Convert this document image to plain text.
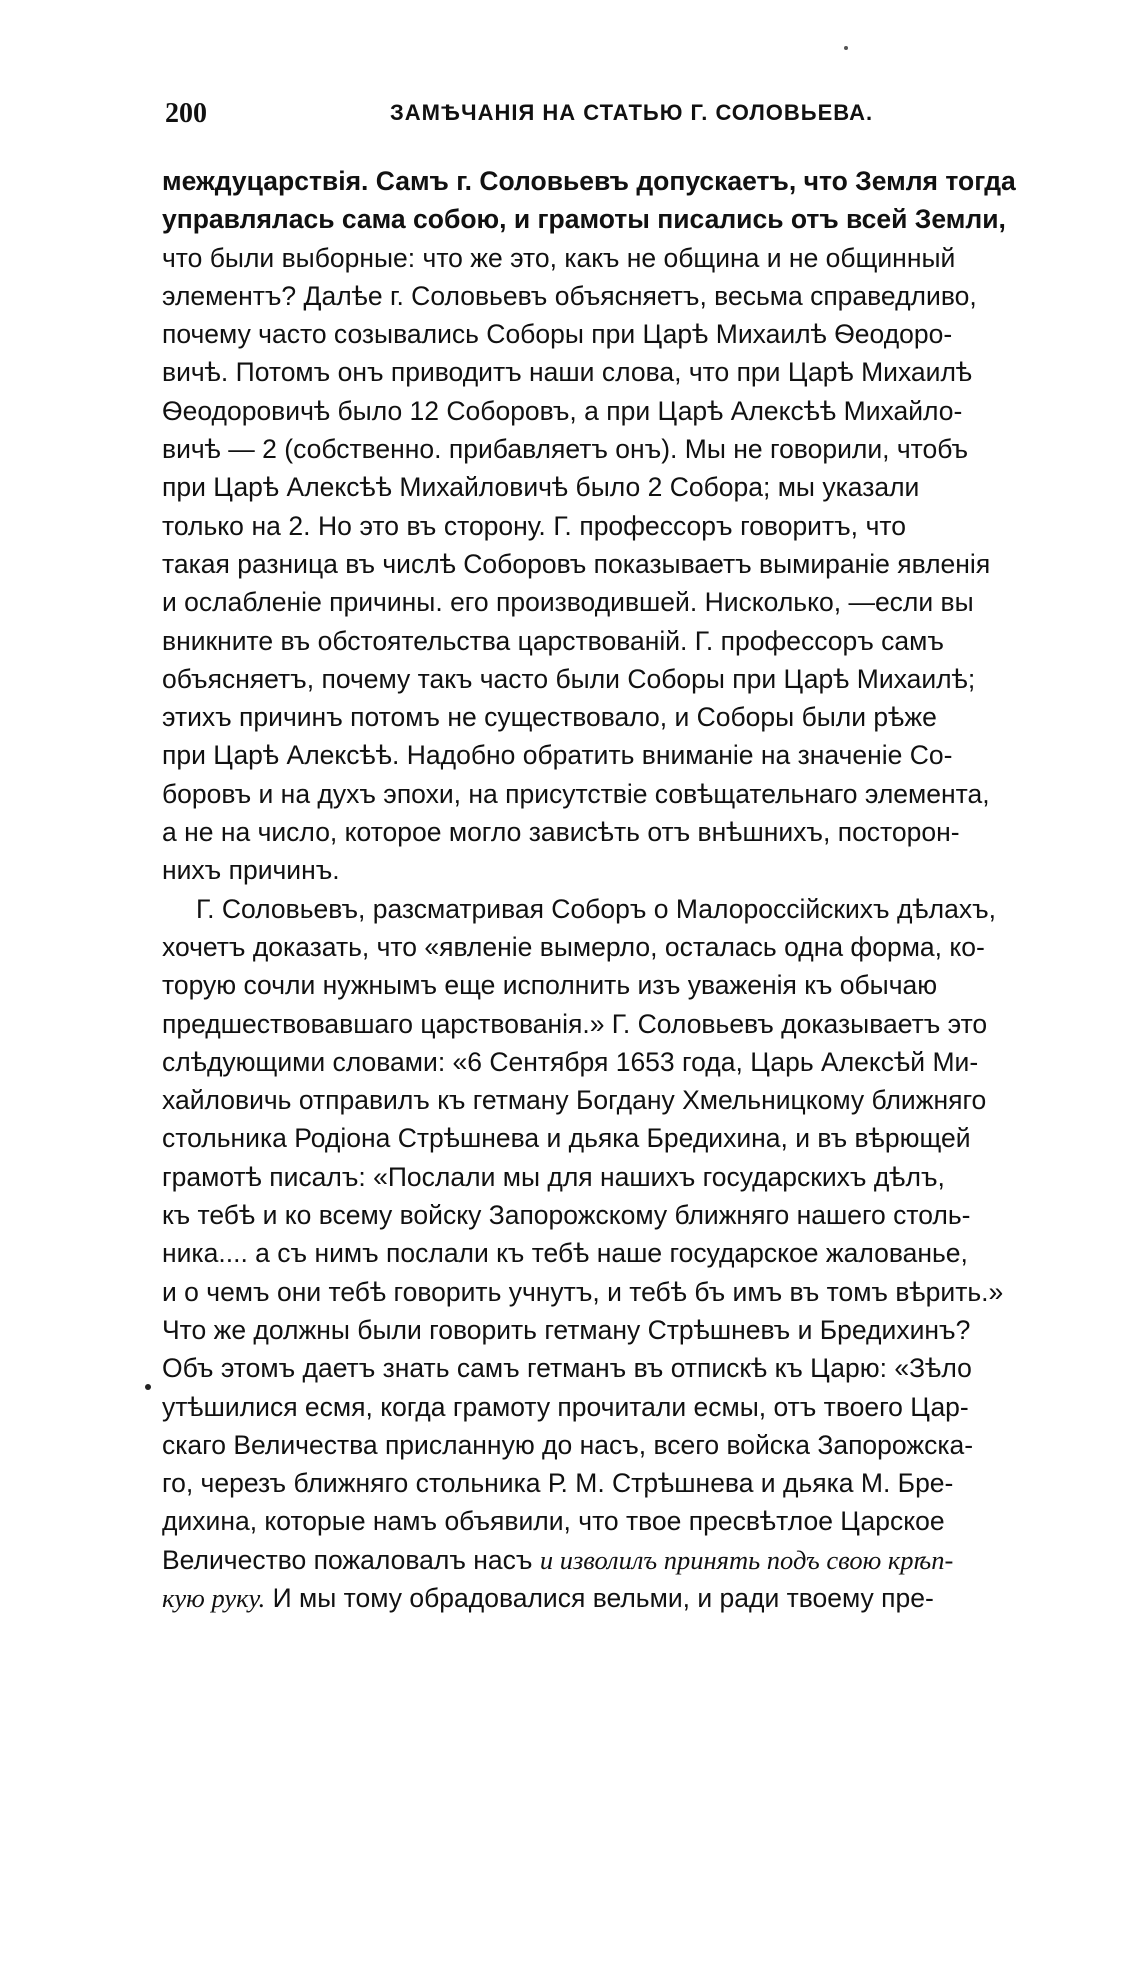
200	ЗАМѢЧАНІЯ НА СТАТЬЮ Г. СОЛОВЬЕВА.
междуцарствія. Самъ г. Соловьевъ допускаетъ, что Земля тогда
управлялась сама собою, и грамоты писались отъ всей Земли,
что были выборные: что же это, какъ не община и не общинный
элементъ? Далѣе г. Соловьевъ объясняетъ, весьма справедливо,
почему часто созывались Соборы при Царѣ Михаилѣ Ѳеодоро-
вичѣ. Потомъ онъ приводитъ наши слова, что при Царѣ Михаилѣ
Ѳеодоровичѣ было 12 Соборовъ, а при Царѣ Алексѣѣ Михайло-
вичѣ — 2 (собственно. прибавляетъ онъ). Мы не говорили, чтобъ
при Царѣ Алексѣѣ Михайловичѣ было 2 Собора; мы указали
только на 2. Но это въ сторону. Г. профессоръ говоритъ, что
такая разница въ числѣ Соборовъ показываетъ вымираніе явленія
и ослабленіе причины. его производившей. Нисколько, —если вы
вникните въ обстоятельства царствованій. Г. профессоръ самъ
объясняетъ, почему такъ часто были Соборы при Царѣ Михаилѣ;
этихъ причинъ потомъ не существовало, и Соборы были рѣже
при Царѣ Алексѣѣ. Надобно обратить вниманіе на значеніе Со-
боровъ и на духъ эпохи, на присутствіе совѣщательнаго элемента,
а не на число, которое могло зависѣть отъ внѣшнихъ, посторон-
нихъ причинъ.
Г. Соловьевъ, разсматривая Соборъ о Малороссійскихъ дѣлахъ,
хочетъ доказать, что «явленіе вымерло, осталась одна форма, ко-
торую сочли нужнымъ еще исполнить изъ уваженія къ обычаю
предшествовавшаго царствованія.» Г. Соловьевъ доказываетъ это
слѣдующими словами: «6 Сентября 1653 года, Царь Алексѣй Ми-
хайловичь отправилъ къ гетману Богдану Хмельницкому ближняго
стольника Родіона Стрѣшнева и дьяка Бредихина, и въ вѣрющей
грамотѣ писалъ: «Послали мы для нашихъ государскихъ дѣлъ,
къ тебѣ и ко всему войску Запорожскому ближняго нашего столь-
ника.... а съ нимъ послали къ тебѣ наше государское жалованье,
и о чемъ они тебѣ говорить учнутъ, и тебѣ бъ имъ въ томъ вѣрить.»
Что же должны были говорить гетману Стрѣшневъ и Бредихинъ?
Объ этомъ даетъ знать самъ гетманъ въ отпискѣ къ Царю: «Зѣло
утѣшилися есмя, когда грамоту прочитали есмы, отъ твоего Цар-
скаго Величества присланную до насъ, всего войска Запорожска-
го, черезъ ближняго стольника Р. М. Стрѣшнева и дьяка М. Бре-
дихина, которые намъ объявили, что твое пресвѣтлое Царское
Величество пожаловалъ насъ и изволилъ принять подъ свою крѣп-
кую руку. И мы тому обрадовалися вельми, и ради твоему пре-
